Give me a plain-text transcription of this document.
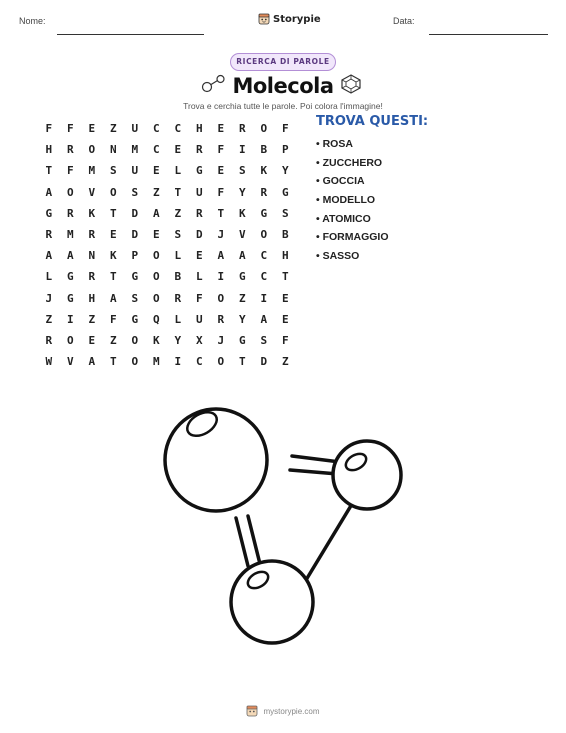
Nome:	Storypie	Data:
RICERCA DI PAROLE
Molecola
Trova e cerchia tutte le parole. Poi colora l'immagine!
F	F	E	Z	U	C	C	H	E	R	O	F
H	R	O	N	M	C	E	R	F	I	B	P
T	F	M	S	U	E	L	G	E	S	K	Y
A	O	V	O	S	Z	T	U	F	Y	R	G
G	R	K	T	D	A	Z	R	T	K	G	S
R	M	R	E	D	E	S	D	J	V	O	B
A	A	N	K	P	O	L	E	A	A	C	H
L	G	R	T	G	O	B	L	I	G	C	T
J	G	H	A	S	O	R	F	O	Z	I	E
Z	I	Z	F	G	Q	L	U	R	Y	A	E
R	O	E	Z	O	K	Y	X	J	G	S	F
W	V	A	T	O	M	I	C	O	T	D	Z
TROVA QUESTI:
• ROSA
• ZUCCHERO
• GOCCIA
• MODELLO
• ATOMICO
• FORMAGGIO
• SASSO
mystorypie.com
